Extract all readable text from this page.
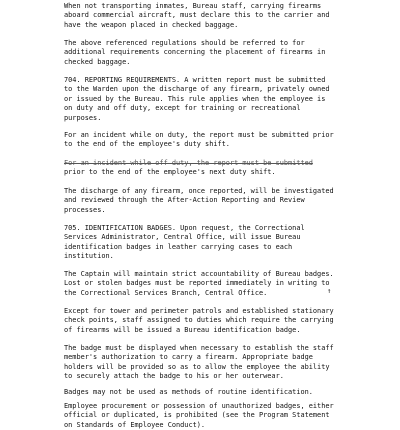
When not transporting inmates, Bureau staff, carrying firearms
aboard commercial aircraft, must declare this to the carrier and
have the weapon placed in checked baggage.
The above referenced regulations should be referred to for
additional requirements concerning the placement of firearms in
checked baggage.
704. REPORTING REQUIREMENTS. A written report must be submitted
to the Warden upon the discharge of any firearm, privately owned
or issued by the Bureau. This rule applies when the employee is
on duty and off duty, except for training or recreational
purposes.
For an incident while on duty, the report must be submitted prior
to the end of the employee's duty shift.
For an incident while off duty, the report must be submitted
prior to the end of the employee's next duty shift.
The discharge of any firearm, once reported, will be investigated
and reviewed through the After-Action Reporting and Review
processes.
705. IDENTIFICATION BADGES. Upon request, the Correctional
Services Administrator, Central Office, will issue Bureau
identification badges in leather carrying cases to each
institution.
The Captain will maintain strict accountability of Bureau badges.
Lost or stolen badges must be reported immediately in writing to
the Correctional Services Branch, Central Office.
Except for tower and perimeter patrols and established stationary
check points, staff assigned to duties which require the carrying
of firearms will be issued a Bureau identification badge.
The badge must be displayed when necessary to establish the staff
member's authorization to carry a firearm. Appropriate badge
holders will be provided so as to allow the employee the ability
to securely attach the badge to his or her outerwear.
Badges may not be used as methods of routine identification.
Employee procurement or possession of unauthorized badges, either
official or duplicated, is prohibited (see the Program Statement
on Standards of Employee Conduct).
↑
